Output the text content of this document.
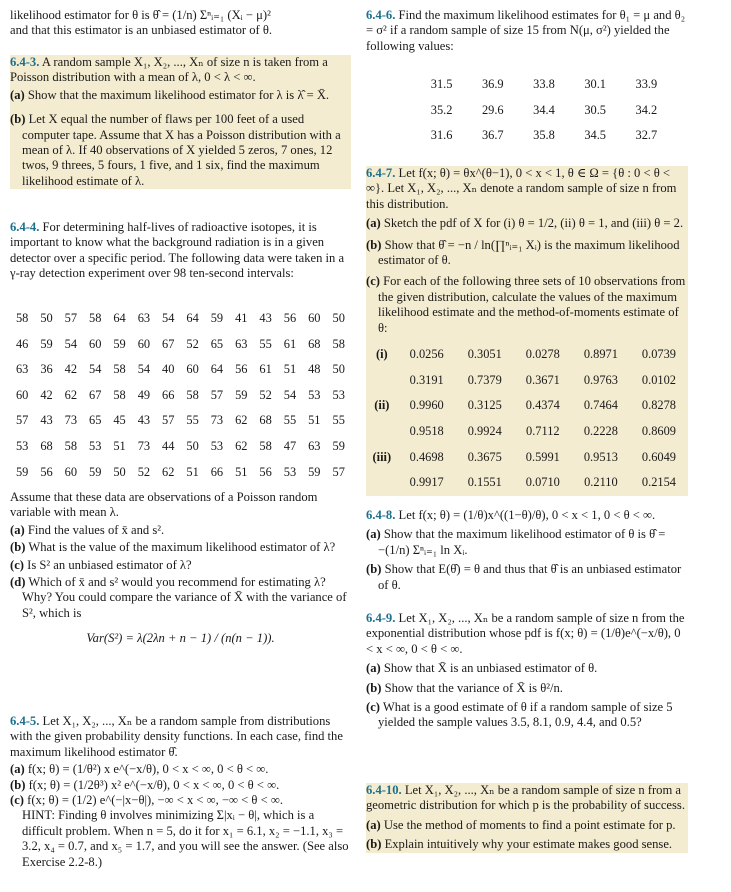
likelihood estimator for θ is θ̂ = (1/n) Σⁿᵢ₌₁ (Xᵢ − μ)²

and that this estimator is an unbiased estimator of θ.

6.4-3. A random sample X₁, X₂, ..., Xₙ of size n is taken from a Poisson distribution with a mean of λ, 0 < λ < ∞.

(a) Show that the maximum likelihood estimator for λ is λ̂ = X̄.

(b) Let X equal the number of flaws per 100 feet of a used computer tape. Assume that X has a Poisson distribution with a mean of λ. If 40 observations of X yielded 5 zeros, 7 ones, 12 twos, 9 threes, 5 fours, 1 five, and 1 six, find the maximum likelihood estimate of λ.

6.4-4. For determining half-lives of radioactive isotopes, it is important to know what the background radiation is in a given detector over a specific period. The following data were taken in a γ-ray detection experiment over 98 ten-second intervals:

58	50	57	58	64	63	54	64	59	41	43	56	60	50
46	59	54	60	59	60	67	52	65	63	55	61	68	58
63	36	42	54	58	54	40	60	64	56	61	51	48	50
60	42	62	67	58	49	66	58	57	59	52	54	53	53
57	43	73	65	45	43	57	55	73	62	68	55	51	55
53	68	58	53	51	73	44	50	53	62	58	47	63	59
59	56	60	59	50	52	62	51	66	51	56	53	59	57

Assume that these data are observations of a Poisson random variable with mean λ.

(a) Find the values of x̄ and s².

(b) What is the value of the maximum likelihood estimator of λ?

(c) Is S² an unbiased estimator of λ?

(d) Which of x̄ and s² would you recommend for estimating λ? Why? You could compare the variance of X̄ with the variance of S², which is

Var(S²) = λ(2λn + n − 1) / (n(n − 1)).

6.4-5. Let X₁, X₂, ..., Xₙ be a random sample from distributions with the given probability density functions. In each case, find the maximum likelihood estimator θ̂.

(a) f(x; θ) = (1/θ²) x e^(−x/θ), 0 < x < ∞, 0 < θ < ∞.

(b) f(x; θ) = (1/2θ³) x² e^(−x/θ), 0 < x < ∞, 0 < θ < ∞.

(c) f(x; θ) = (1/2) e^(−|x−θ|), −∞ < x < ∞, −∞ < θ < ∞.

HINT: Finding θ involves minimizing Σ|xᵢ − θ|, which is a difficult problem. When n = 5, do it for x₁ = 6.1, x₂ = −1.1, x₃ = 3.2, x₄ = 0.7, and x₅ = 1.7, and you will see the answer. (See also Exercise 2.2-8.)

6.4-6. Find the maximum likelihood estimates for θ₁ = μ and θ₂ = σ² if a random sample of size 15 from N(μ, σ²) yielded the following values:

31.5	36.9	33.8	30.1	33.9
35.2	29.6	34.4	30.5	34.2
31.6	36.7	35.8	34.5	32.7

6.4-7. Let f(x; θ) = θx^(θ−1), 0 < x < 1, θ ∈ Ω = {θ : 0 < θ < ∞}. Let X₁, X₂, ..., Xₙ denote a random sample of size n from this distribution.

(a) Sketch the pdf of X for (i) θ = 1/2, (ii) θ = 1, and (iii) θ = 2.

(b) Show that θ̂ = −n / ln(∏ⁿᵢ₌₁ Xᵢ) is the maximum likelihood estimator of θ.

(c) For each of the following three sets of 10 observations from the given distribution, calculate the values of the maximum likelihood estimate and the method-of-moments estimate of θ:

(i)	0.0256	0.3051	0.0278	0.8971	0.0739
	0.3191	0.7379	0.3671	0.9763	0.0102
(ii)	0.9960	0.3125	0.4374	0.7464	0.8278
	0.9518	0.9924	0.7112	0.2228	0.8609
(iii)	0.4698	0.3675	0.5991	0.9513	0.6049
	0.9917	0.1551	0.0710	0.2110	0.2154

6.4-8. Let f(x; θ) = (1/θ)x^((1−θ)/θ), 0 < x < 1, 0 < θ < ∞.

(a) Show that the maximum likelihood estimator of θ is θ̂ = −(1/n) Σⁿᵢ₌₁ ln Xᵢ.

(b) Show that E(θ̂) = θ and thus that θ̂ is an unbiased estimator of θ.

6.4-9. Let X₁, X₂, ..., Xₙ be a random sample of size n from the exponential distribution whose pdf is f(x; θ) = (1/θ)e^(−x/θ), 0 < x < ∞, 0 < θ < ∞.

(a) Show that X̄ is an unbiased estimator of θ.

(b) Show that the variance of X̄ is θ²/n.

(c) What is a good estimate of θ if a random sample of size 5 yielded the sample values 3.5, 8.1, 0.9, 4.4, and 0.5?

6.4-10. Let X₁, X₂, ..., Xₙ be a random sample of size n from a geometric distribution for which p is the probability of success.

(a) Use the method of moments to find a point estimate for p.

(b) Explain intuitively why your estimate makes good sense.
